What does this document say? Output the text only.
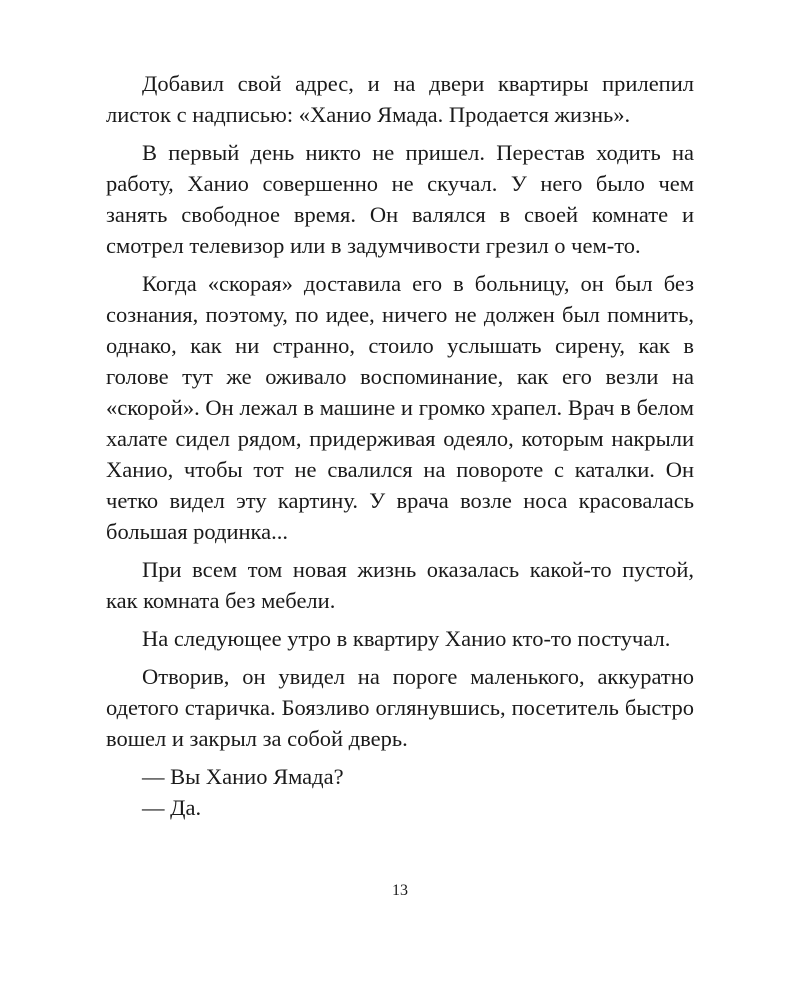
Добавил свой адрес, и на двери квартиры прилепил листок с надписью: «Ханио Ямада. Продается жизнь».

В первый день никто не пришел. Перестав ходить на работу, Ханио совершенно не скучал. У него было чем занять свободное время. Он валялся в своей комнате и смотрел телевизор или в задумчивости грезил о чем-то.

Когда «скорая» доставила его в больницу, он был без сознания, поэтому, по идее, ничего не должен был помнить, однако, как ни странно, стоило услышать сирену, как в голове тут же оживало воспоминание, как его везли на «скорой». Он лежал в машине и громко храпел. Врач в белом халате сидел рядом, придерживая одеяло, которым накрыли Ханио, чтобы тот не свалился на повороте с каталки. Он четко видел эту картину. У врача возле носа красовалась большая родинка...

При всем том новая жизнь оказалась какой-то пустой, как комната без мебели.

На следующее утро в квартиру Ханио кто-то постучал.

Отворив, он увидел на пороге маленького, аккуратно одетого старичка. Боязливо оглянувшись, посетитель быстро вошел и закрыл за собой дверь.

— Вы Ханио Ямада?

— Да.

13
